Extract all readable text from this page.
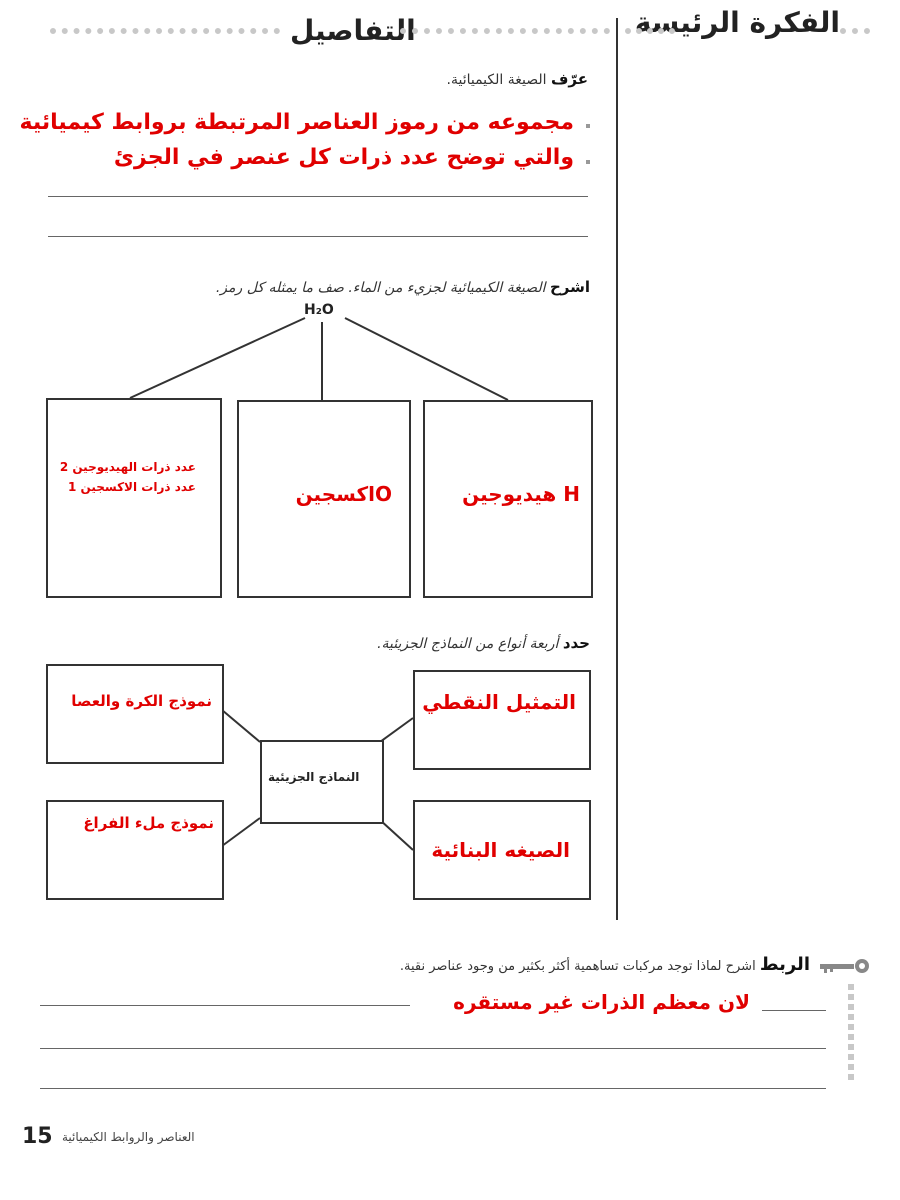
الفكرة الرئيسة
التفاصيل
عرّف الصيغة الكيميائية.
مجموعه من رموز العناصر المرتبطة بروابط كيميائية
والتي توضح عدد ذرات كل عنصر في الجزئ
اشرح الصيغة الكيميائية لجزيء من الماء. صف ما يمثله كل رمز.
H₂O
عدد ذرات الهيديوجين 2
عدد ذرات الاكسجين 1	Oاكسجين	H هيديوجين
حدد أربعة أنواع من النماذج الجزيئية.
نموذج الكرة والعصا	التمثيل النقطي
النماذج الجزيئية
نموذج ملء الفراغ
الصيغه البنائية
الربط اشرح لماذا توجد مركبات تساهمية أكثر بكثير من وجود عناصر نقية.
لان معظم الذرات غير مستقره
15 العناصر والروابط الكيميائية
